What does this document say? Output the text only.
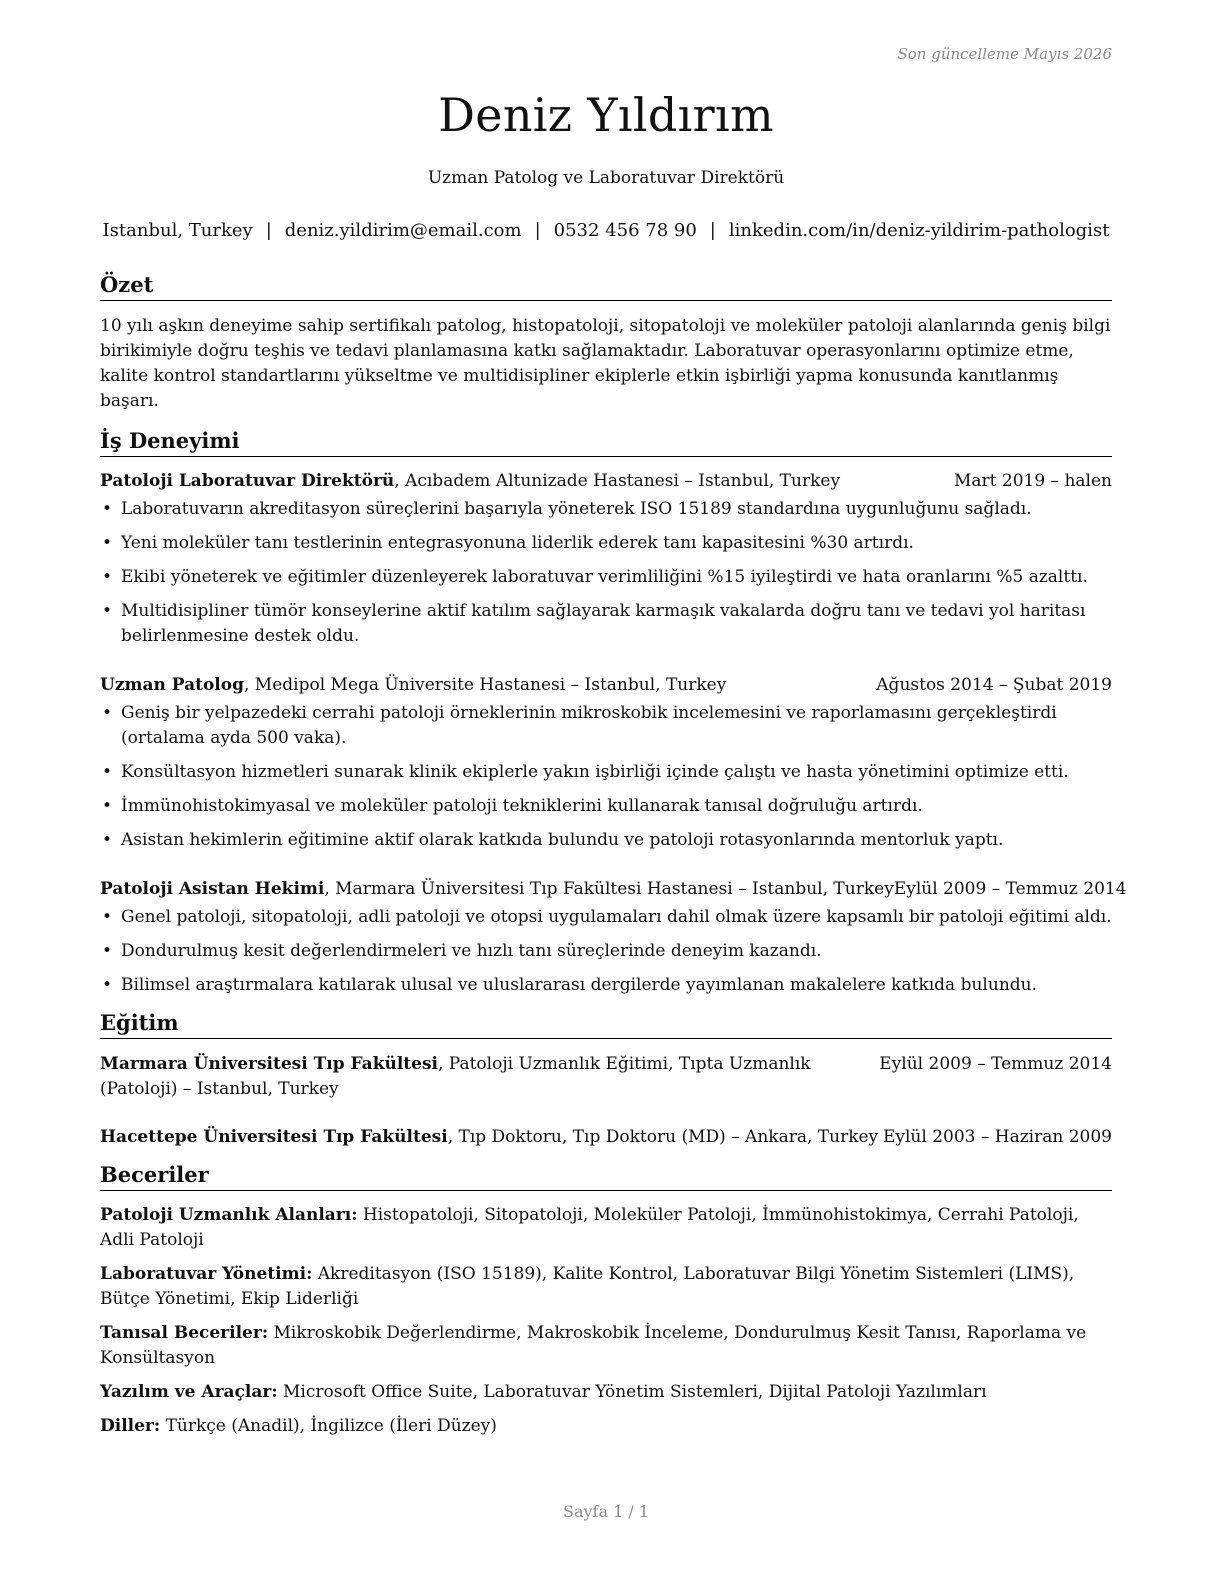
Son güncelleme Mayıs 2026
Deniz Yıldırım
Uzman Patolog ve Laboratuvar Direktörü
Istanbul, Turkey | deniz.yildirim@email.com | 0532 456 78 90 | linkedin.com/in/deniz-yildirim-pathologist
Özet
10 yılı aşkın deneyime sahip sertifikalı patolog, histopatoloji, sitopatoloji ve moleküler patoloji alanlarında geniş bilgi birikimiyle doğru teşhis ve tedavi planlamasına katkı sağlamaktadır. Laboratuvar operasyonlarını optimize etme, kalite kontrol standartlarını yükseltme ve multidisipliner ekiplerle etkin işbirliği yapma konusunda kanıtlanmış başarı.
İş Deneyimi
Patoloji Laboratuvar Direktörü, Acıbadem Altunizade Hastanesi – Istanbul, Turkey	Mart 2019 – halen
• Laboratuvarın akreditasyon süreçlerini başarıyla yöneterek ISO 15189 standardına uygunluğunu sağladı.
• Yeni moleküler tanı testlerinin entegrasyonuna liderlik ederek tanı kapasitesini %30 artırdı.
• Ekibi yöneterek ve eğitimler düzenleyerek laboratuvar verimliliğini %15 iyileştirdi ve hata oranlarını %5 azalttı.
• Multidisipliner tümör konseylerine aktif katılım sağlayarak karmaşık vakalarda doğru tanı ve tedavi yol haritası belirlenmesine destek oldu.
Uzman Patolog, Medipol Mega Üniversite Hastanesi – Istanbul, Turkey	Ağustos 2014 – Şubat 2019
• Geniş bir yelpazedeki cerrahi patoloji örneklerinin mikroskobik incelemesini ve raporlamasını gerçekleştirdi (ortalama ayda 500 vaka).
• Konsültasyon hizmetleri sunarak klinik ekiplerle yakın işbirliği içinde çalıştı ve hasta yönetimini optimize etti.
• İmmünohistokimyasal ve moleküler patoloji tekniklerini kullanarak tanısal doğruluğu artırdı.
• Asistan hekimlerin eğitimine aktif olarak katkıda bulundu ve patoloji rotasyonlarında mentorluk yaptı.
Patoloji Asistan Hekimi, Marmara Üniversitesi Tıp Fakültesi Hastanesi – Istanbul, Turkey Eylül 2009 – Temmuz 2014
• Genel patoloji, sitopatoloji, adli patoloji ve otopsi uygulamaları dahil olmak üzere kapsamlı bir patoloji eğitimi aldı.
• Dondurulmuş kesit değerlendirmeleri ve hızlı tanı süreçlerinde deneyim kazandı.
• Bilimsel araştırmalara katılarak ulusal ve uluslararası dergilerde yayımlanan makalelere katkıda bulundu.
Eğitim
Marmara Üniversitesi Tıp Fakültesi, Patoloji Uzmanlık Eğitimi, Tıpta Uzmanlık (Patoloji) – Istanbul, Turkey
Eylül 2009 – Temmuz 2014
Hacettepe Üniversitesi Tıp Fakültesi, Tıp Doktoru, Tıp Doktoru (MD) – Ankara, Turkey Eylül 2003 – Haziran 2009
Beceriler
Patoloji Uzmanlık Alanları: Histopatoloji, Sitopatoloji, Moleküler Patoloji, İmmünohistokimya, Cerrahi Patoloji, Adli Patoloji
Laboratuvar Yönetimi: Akreditasyon (ISO 15189), Kalite Kontrol, Laboratuvar Bilgi Yönetim Sistemleri (LIMS), Bütçe Yönetimi, Ekip Liderliği
Tanısal Beceriler: Mikroskobik Değerlendirme, Makroskobik İnceleme, Dondurulmuş Kesit Tanısı, Raporlama ve Konsültasyon
Yazılım ve Araçlar: Microsoft Office Suite, Laboratuvar Yönetim Sistemleri, Dijital Patoloji Yazılımları
Diller: Türkçe (Anadil), İngilizce (İleri Düzey)
Sayfa 1 / 1
